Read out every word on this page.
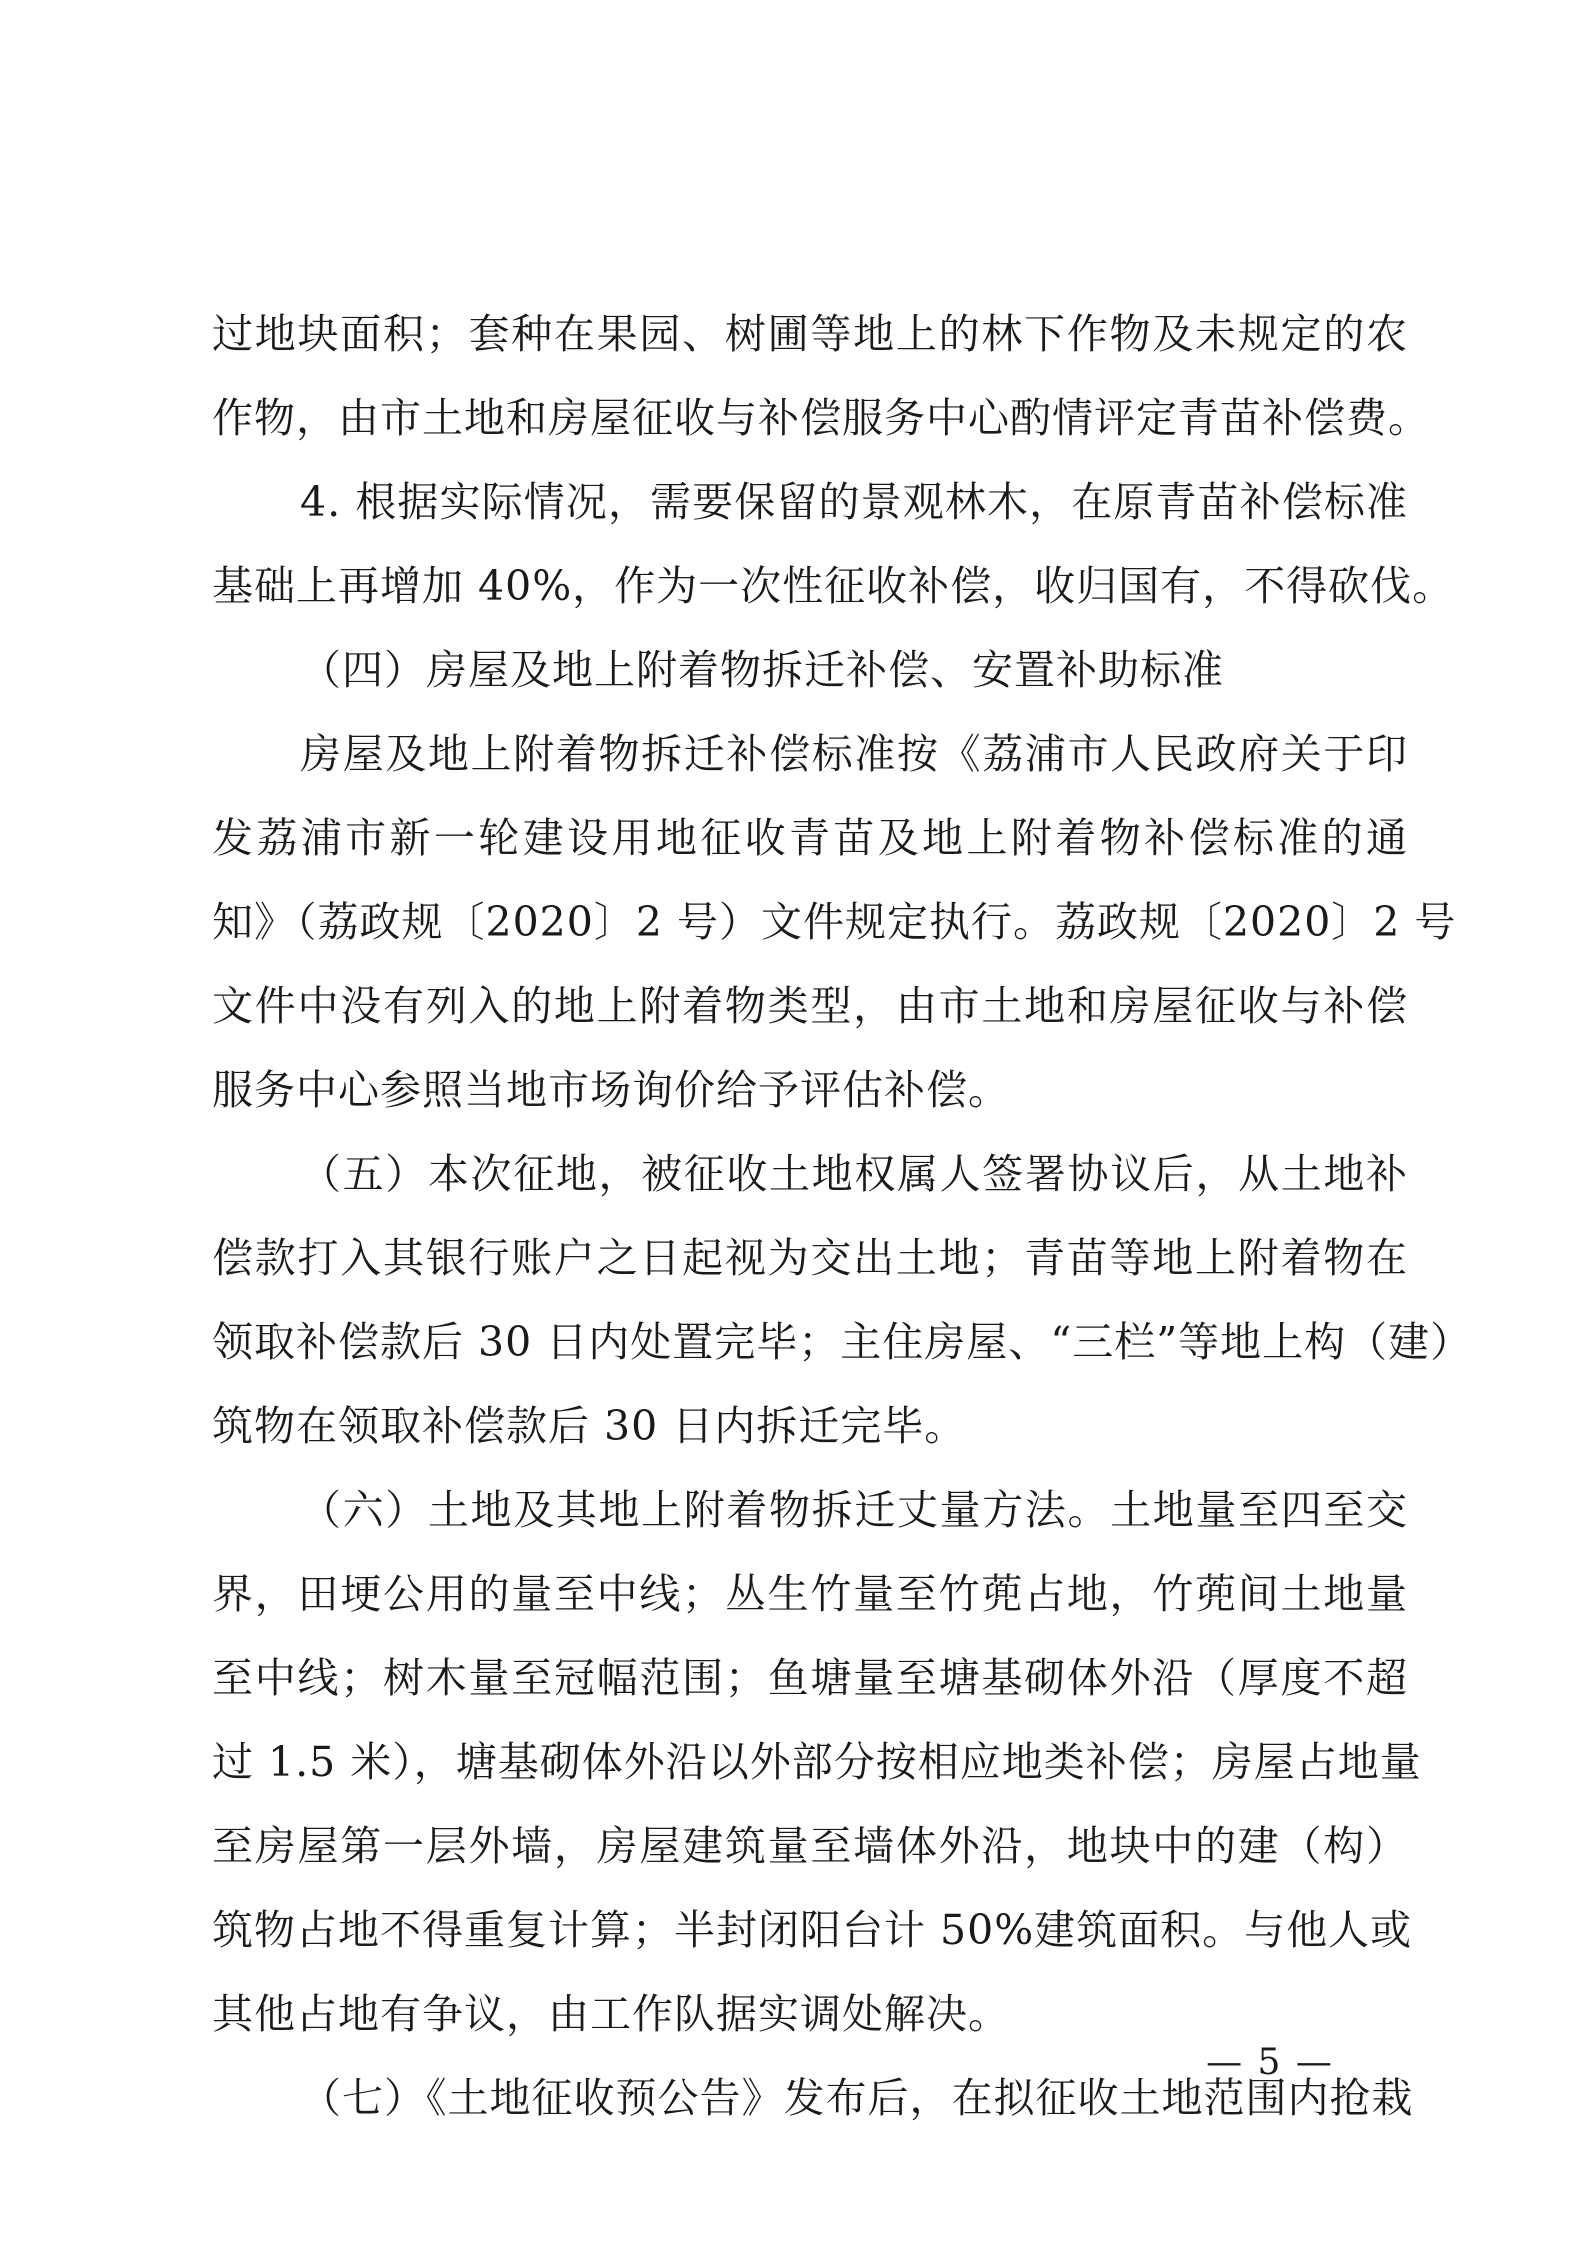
过地块面积；套种在果园、树圃等地上的林下作物及未规定的农
作物，由市土地和房屋征收与补偿服务中心酌情评定青苗补偿费。
4. 根据实际情况，需要保留的景观林木，在原青苗补偿标准
基础上再增加 40%，作为一次性征收补偿，收归国有，不得砍伐。
（四）房屋及地上附着物拆迁补偿、安置补助标准
房屋及地上附着物拆迁补偿标准按《荔浦市人民政府关于印
发荔浦市新一轮建设用地征收青苗及地上附着物补偿标准的通
知》（荔政规〔2020〕2 号）文件规定执行。荔政规〔2020〕2 号
文件中没有列入的地上附着物类型，由市土地和房屋征收与补偿
服务中心参照当地市场询价给予评估补偿。
（五）本次征地，被征收土地权属人签署协议后，从土地补
偿款打入其银行账户之日起视为交出土地；青苗等地上附着物在
领取补偿款后 30 日内处置完毕；主住房屋、“三栏”等地上构（建）
筑物在领取补偿款后 30 日内拆迁完毕。
（六）土地及其地上附着物拆迁丈量方法。土地量至四至交
界，田埂公用的量至中线；丛生竹量至竹蔸占地，竹蔸间土地量
至中线；树木量至冠幅范围；鱼塘量至塘基砌体外沿（厚度不超
过 1.5 米），塘基砌体外沿以外部分按相应地类补偿；房屋占地量
至房屋第一层外墙，房屋建筑量至墙体外沿，地块中的建（构）
筑物占地不得重复计算；半封闭阳台计 50%建筑面积。与他人或
其他占地有争议，由工作队据实调处解决。
（七）《土地征收预公告》发布后，在拟征收土地范围内抢栽
— 5 —
